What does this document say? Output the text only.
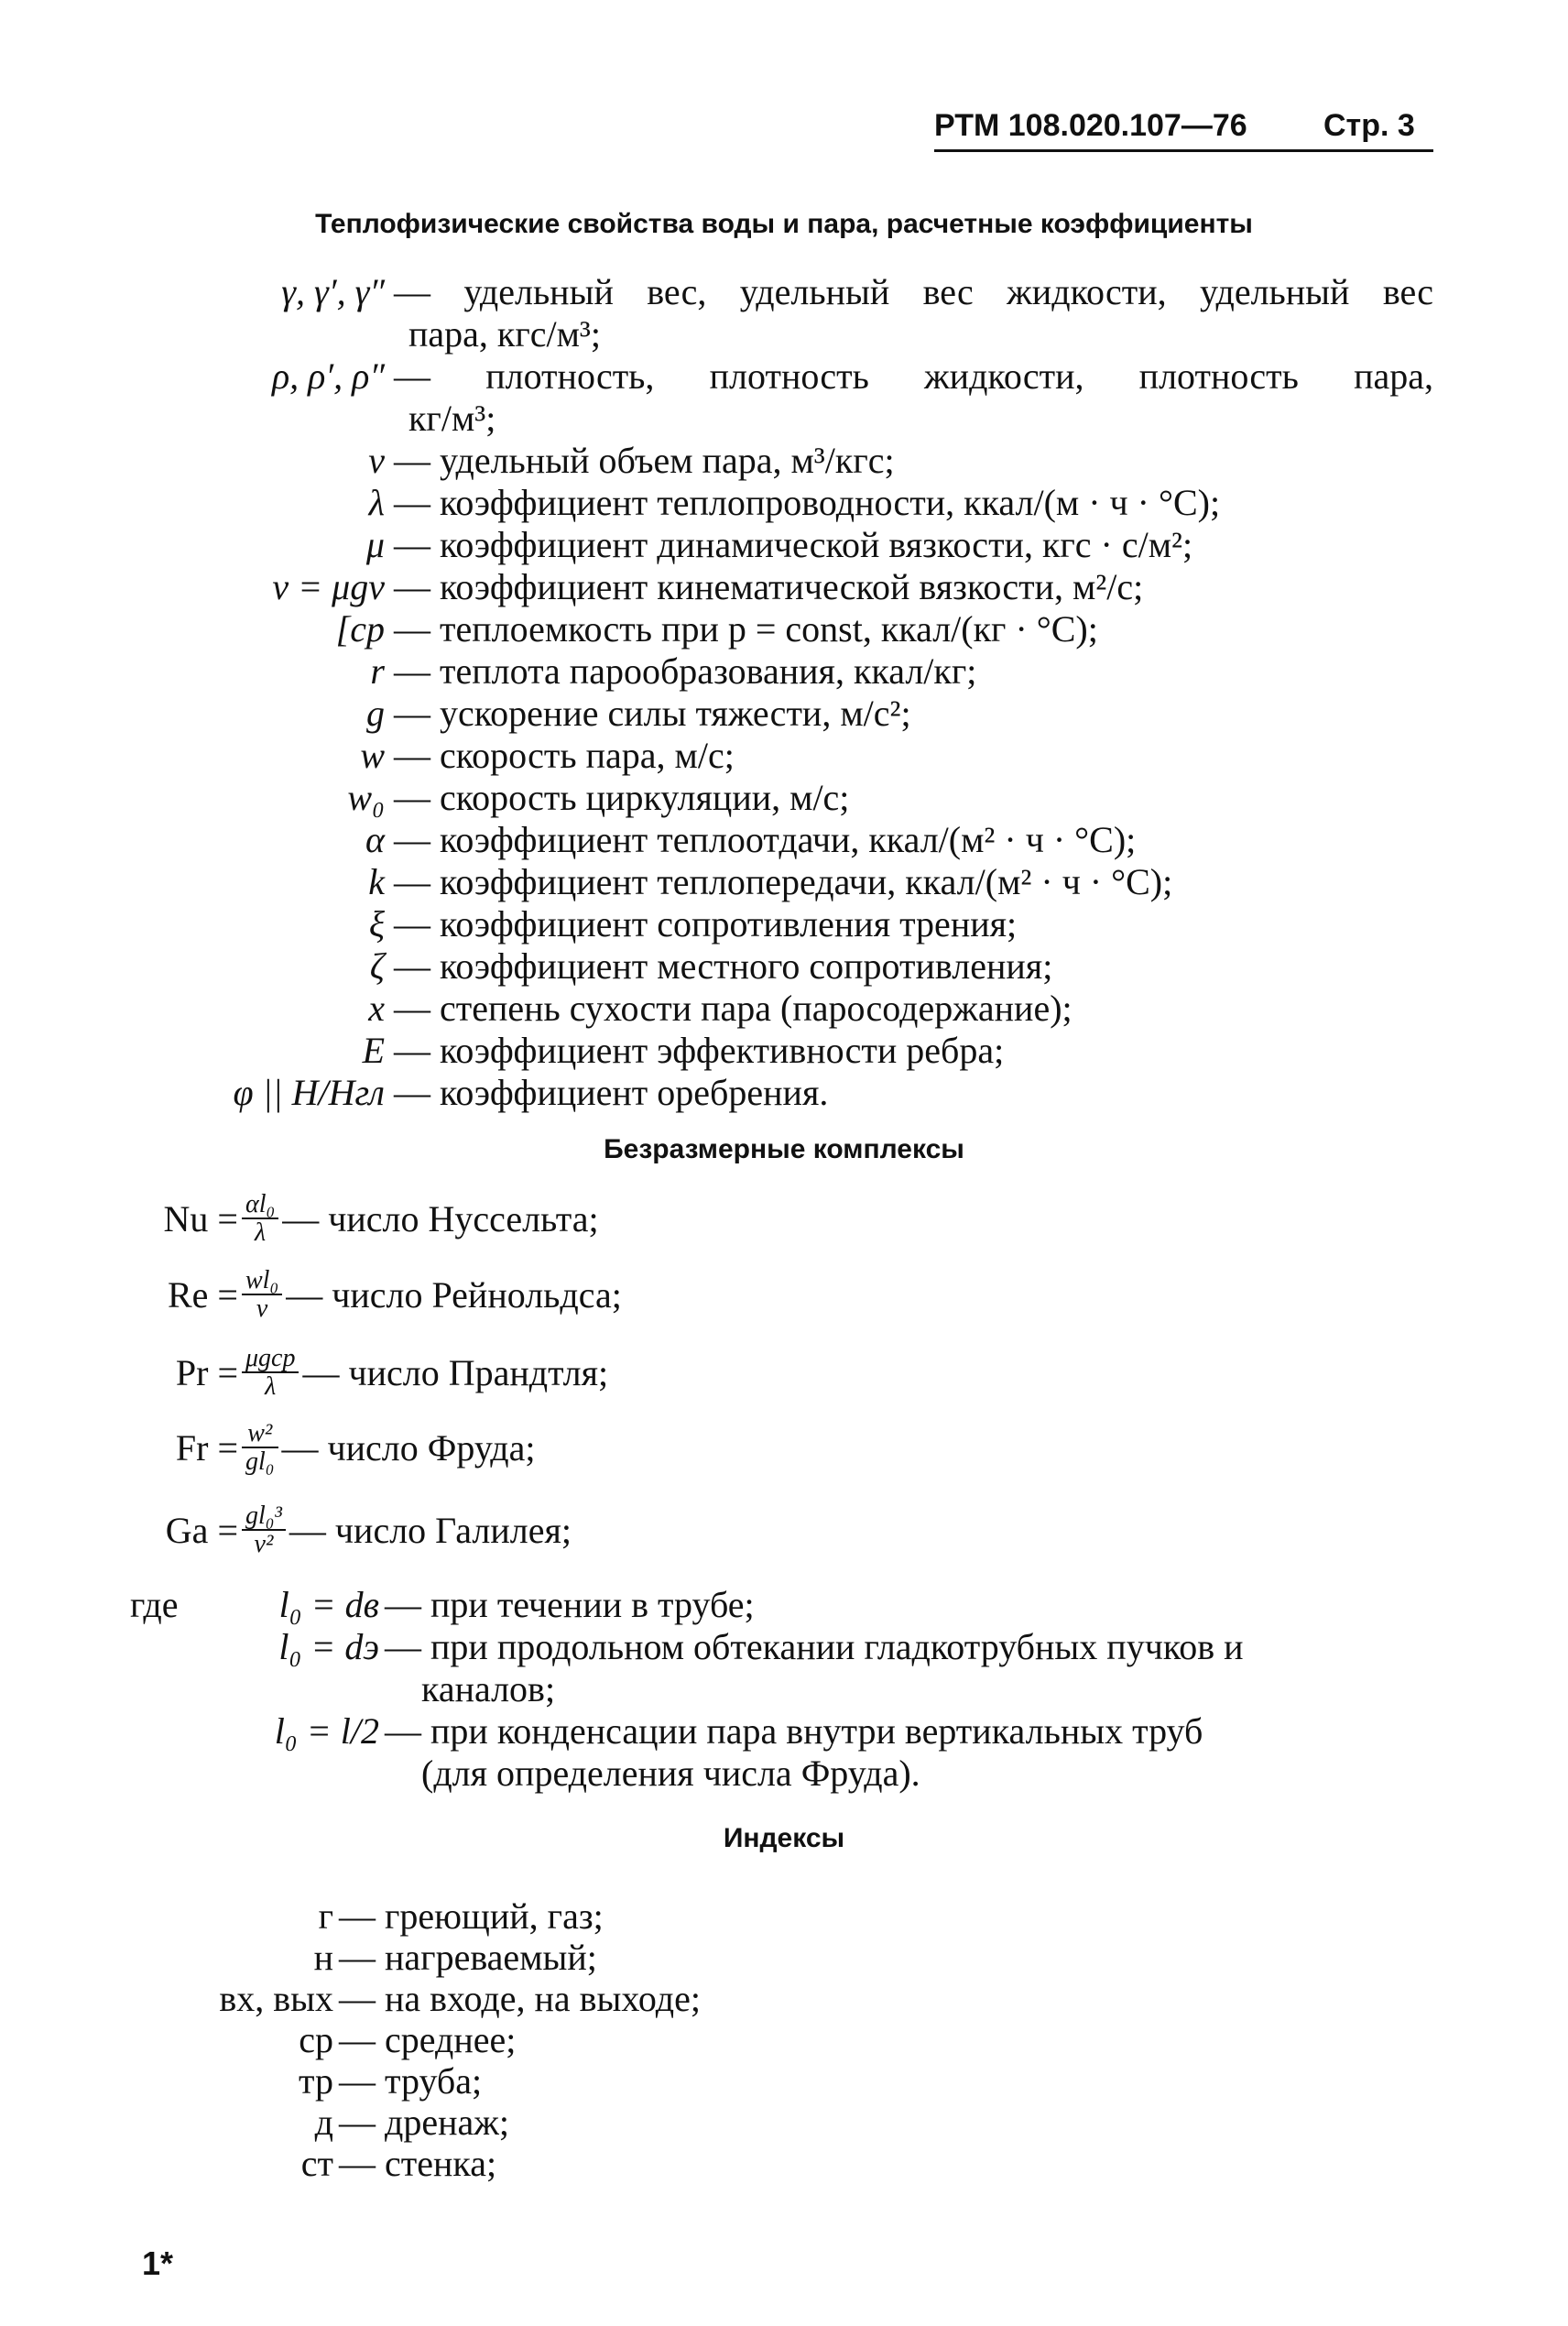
РТМ 108.020.107—76 Стр. 3
Теплофизические свойства воды и пара, расчетные коэффициенты
γ, γ′, γ″ — удельный вес, удельный вес жидкости, удельный вес
пара, кгс/м³;
ρ, ρ′, ρ″ — плотность, плотность жидкости, плотность пара,
кг/м³;
v — удельный объем пара, м³/кгс;
λ — коэффициент теплопроводности, ккал/(м · ч · °С);
μ — коэффициент динамической вязкости, кгс · с/м²;
ν = μgv — коэффициент кинематической вязкости, м²/с;
[cр — теплоемкость при p = const, ккал/(кг · °С);
r — теплота парообразования, ккал/кг;
g — ускорение силы тяжести, м/с²;
w — скорость пара, м/с;
w₀ — скорость циркуляции, м/с;
α — коэффициент теплоотдачи, ккал/(м² · ч · °С);
k — коэффициент теплопередачи, ккал/(м² · ч · °С);
ξ — коэффициент сопротивления трения;
ζ — коэффициент местного сопротивления;
x — степень сухости пара (паросодержание);
E — коэффициент эффективности ребра;
φ || H/Hгл — коэффициент оребрения.
Безразмерные комплексы
$Nu = \frac{\text{αl₀}}{\lambda}$ — число Нуссельта;
$Re = \frac{\text{wl₀}}{\nu}$ — число Рейнольдса;
$Pr = \frac{\text{μgcр}}{\lambda}$ — число Прандтля;
$Fr = \frac{\text{w²}}{\text{gl₀}}$ — число Фруда;
$Ga = \frac{\text{gl₀³}}{\text{ν²}}$ — число Галилея;
где	l₀ = dв — при течении в трубе;
l₀ = dэ — при продольном обтекании гладкотрубных пучков и
каналов;
l₀ = l/2 — при конденсации пара внутри вертикальных труб
(для определения числа Фруда).
Индексы
г — греющий, газ;
н — нагреваемый;
вх, вых — на входе, на выходе;
ср — среднее;
тр — труба;
д — дренаж;
ст — стенка;
1*
